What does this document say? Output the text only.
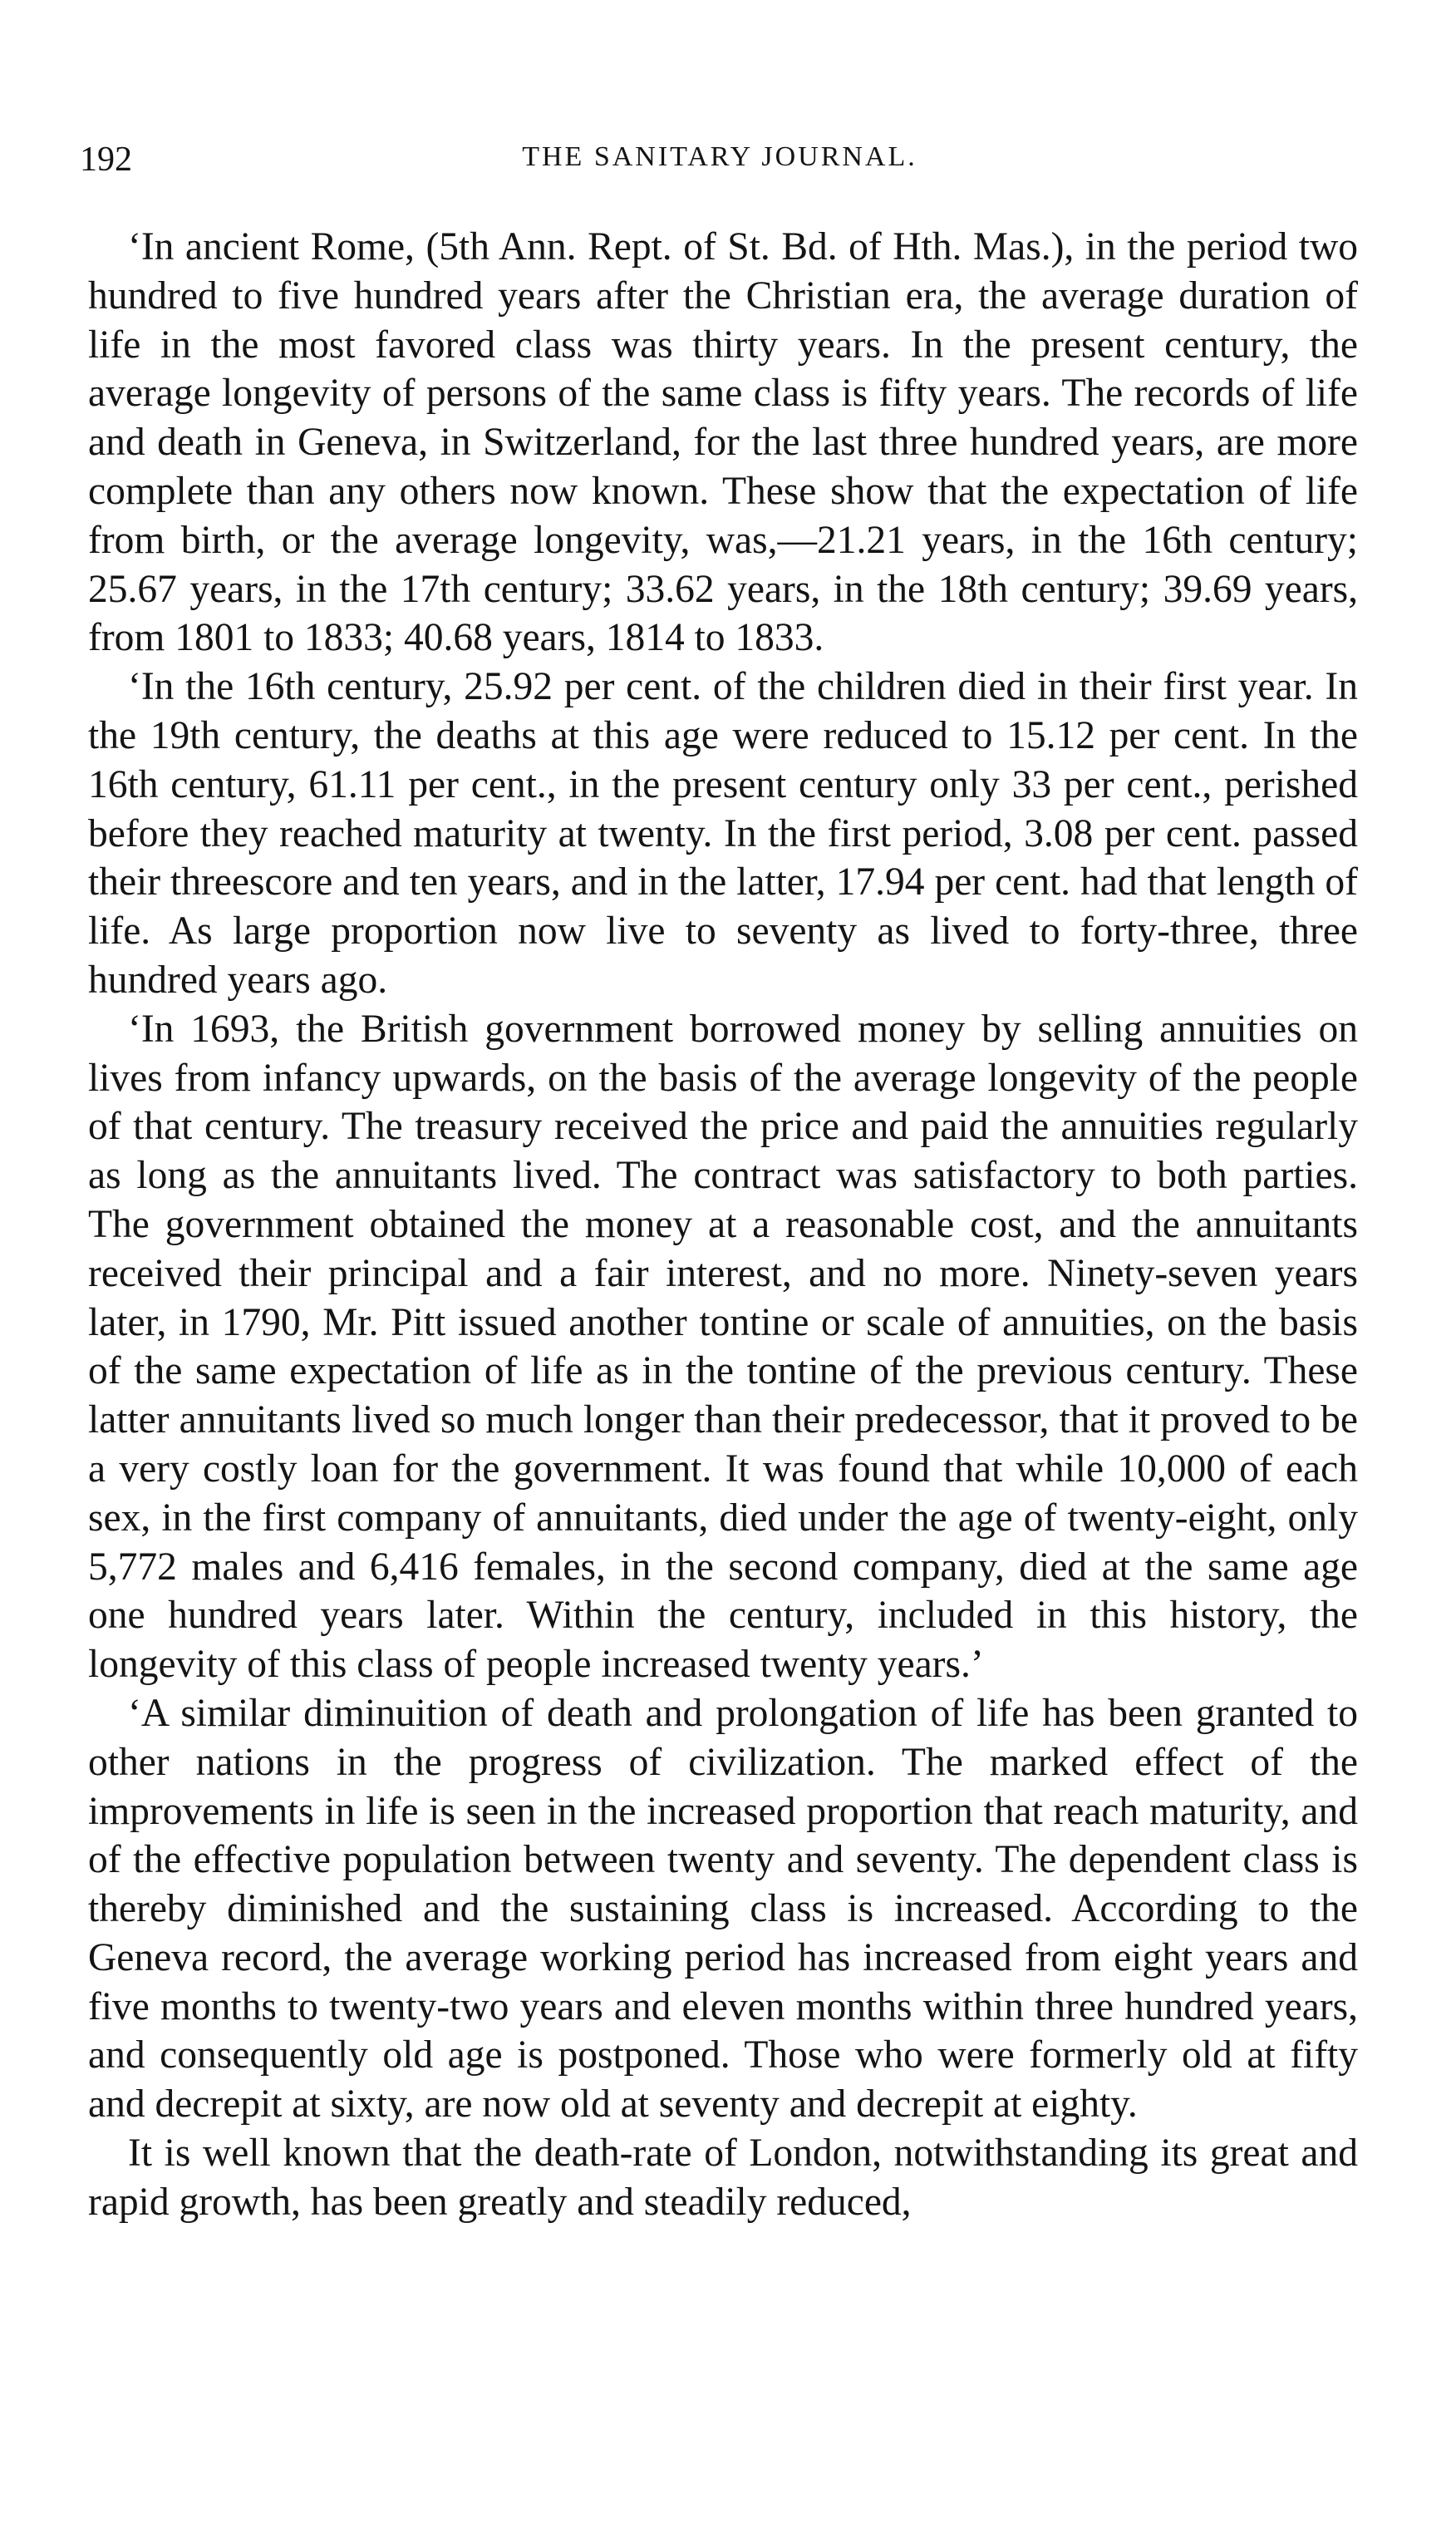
192	THE SANITARY JOURNAL.

‘In ancient Rome, (5th Ann. Rept. of St. Bd. of Hth. Mas.), in the period two hundred to five hundred years after the Christian era, the average duration of life in the most favored class was thirty years. In the present century, the average longevity of persons of the same class is fifty years. The records of life and death in Geneva, in Switzerland, for the last three hundred years, are more complete than any others now known. These show that the expectation of life from birth, or the average longevity, was,—21.21 years, in the 16th century; 25.67 years, in the 17th century; 33.62 years, in the 18th century; 39.69 years, from 1801 to 1833; 40.68 years, 1814 to 1833.

‘In the 16th century, 25.92 per cent. of the children died in their first year. In the 19th century, the deaths at this age were reduced to 15.12 per cent. In the 16th century, 61.11 per cent., in the present century only 33 per cent., perished before they reached maturity at twenty. In the first period, 3.08 per cent. passed their threescore and ten years, and in the latter, 17.94 per cent. had that length of life. As large proportion now live to seventy as lived to forty-three, three hundred years ago.

‘In 1693, the British government borrowed money by selling annuities on lives from infancy upwards, on the basis of the average longevity of the people of that century. The treasury received the price and paid the annuities regularly as long as the annuitants lived. The contract was satisfactory to both parties. The government obtained the money at a reasonable cost, and the annuitants received their principal and a fair interest, and no more. Ninety-seven years later, in 1790, Mr. Pitt issued another tontine or scale of annuities, on the basis of the same expectation of life as in the tontine of the previous century. These latter annuitants lived so much longer than their predecessor, that it proved to be a very costly loan for the government. It was found that while 10,000 of each sex, in the first company of annuitants, died under the age of twenty-eight, only 5,772 males and 6,416 females, in the second company, died at the same age one hundred years later. Within the century, included in this history, the longevity of this class of people increased twenty years.’

‘A similar diminuition of death and prolongation of life has been granted to other nations in the progress of civilization. The marked effect of the improvements in life is seen in the increased proportion that reach maturity, and of the effective population between twenty and seventy. The dependent class is thereby diminished and the sustaining class is increased. According to the Geneva record, the average working period has increased from eight years and five months to twenty-two years and eleven months within three hundred years, and consequently old age is postponed. Those who were formerly old at fifty and decrepit at sixty, are now old at seventy and decrepit at eighty.

It is well known that the death-rate of London, notwithstanding its great and rapid growth, has been greatly and steadily reduced,
